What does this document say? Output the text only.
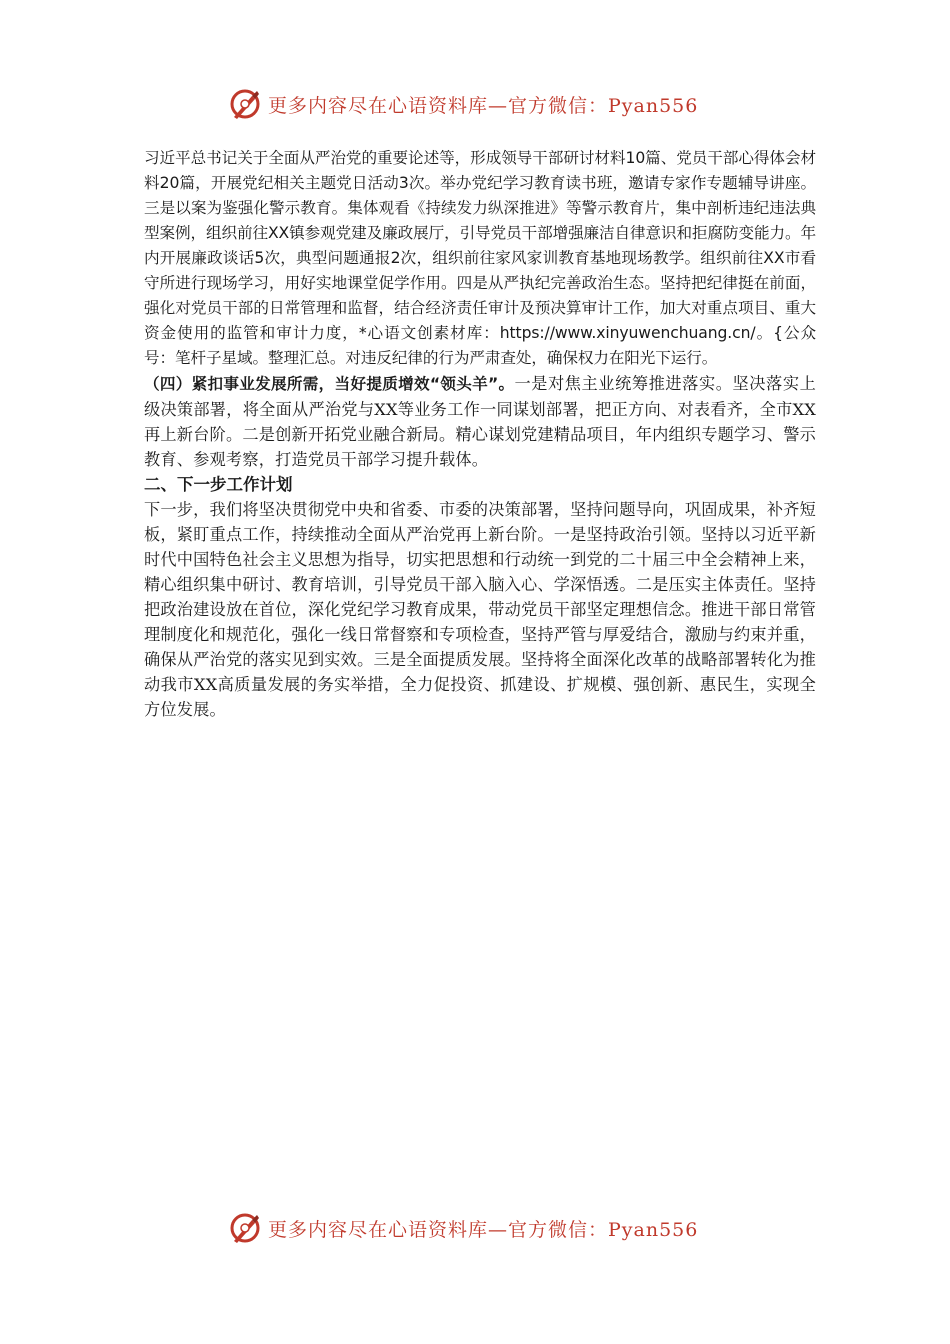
更多内容尽在心语资料库—官方微信：Pyan556

习近平总书记关于全面从严治党的重要论述等，形成领导干部研讨材料10篇、党员干部心得体会材料20篇，开展党纪相关主题党日活动3次。举办党纪学习教育读书班，邀请专家作专题辅导讲座。三是以案为鉴强化警示教育。集体观看《持续发力纵深推进》等警示教育片，集中剖析违纪违法典型案例，组织前往XX镇参观党建及廉政展厅，引导党员干部增强廉洁自律意识和拒腐防变能力。年内开展廉政谈话5次，典型问题通报2次，组织前往家风家训教育基地现场教学。组织前往XX市看守所进行现场学习，用好实地课堂促学作用。四是从严执纪完善政治生态。坚持把纪律挺在前面，强化对党员干部的日常管理和监督，结合经济责任审计及预决算审计工作，加大对重点项目、重大资金使用的监管和审计力度，*心语文创素材库：https://www.xinyuwenchuang.cn/。{公众号：笔杆子星域。整理汇总。对违反纪律的行为严肃查处，确保权力在阳光下运行。

（四）紧扣事业发展所需，当好提质增效“领头羊”。一是对焦主业统筹推进落实。坚决落实上级决策部署，将全面从严治党与XX等业务工作一同谋划部署，把正方向、对表看齐，全市XX再上新台阶。二是创新开拓党业融合新局。精心谋划党建精品项目，年内组织专题学习、警示教育、参观考察，打造党员干部学习提升载体。

二、下一步工作计划

下一步，我们将坚决贯彻党中央和省委、市委的决策部署，坚持问题导向，巩固成果，补齐短板，紧盯重点工作，持续推动全面从严治党再上新台阶。一是坚持政治引领。坚持以习近平新时代中国特色社会主义思想为指导，切实把思想和行动统一到党的二十届三中全会精神上来，精心组织集中研讨、教育培训，引导党员干部入脑入心、学深悟透。二是压实主体责任。坚持把政治建设放在首位，深化党纪学习教育成果，带动党员干部坚定理想信念。推进干部日常管理制度化和规范化，强化一线日常督察和专项检查，坚持严管与厚爱结合，激励与约束并重，确保从严治党的落实见到实效。三是全面提质发展。坚持将全面深化改革的战略部署转化为推动我市XX高质量发展的务实举措，全力促投资、抓建设、扩规模、强创新、惠民生，实现全方位发展。

更多内容尽在心语资料库—官方微信：Pyan556
